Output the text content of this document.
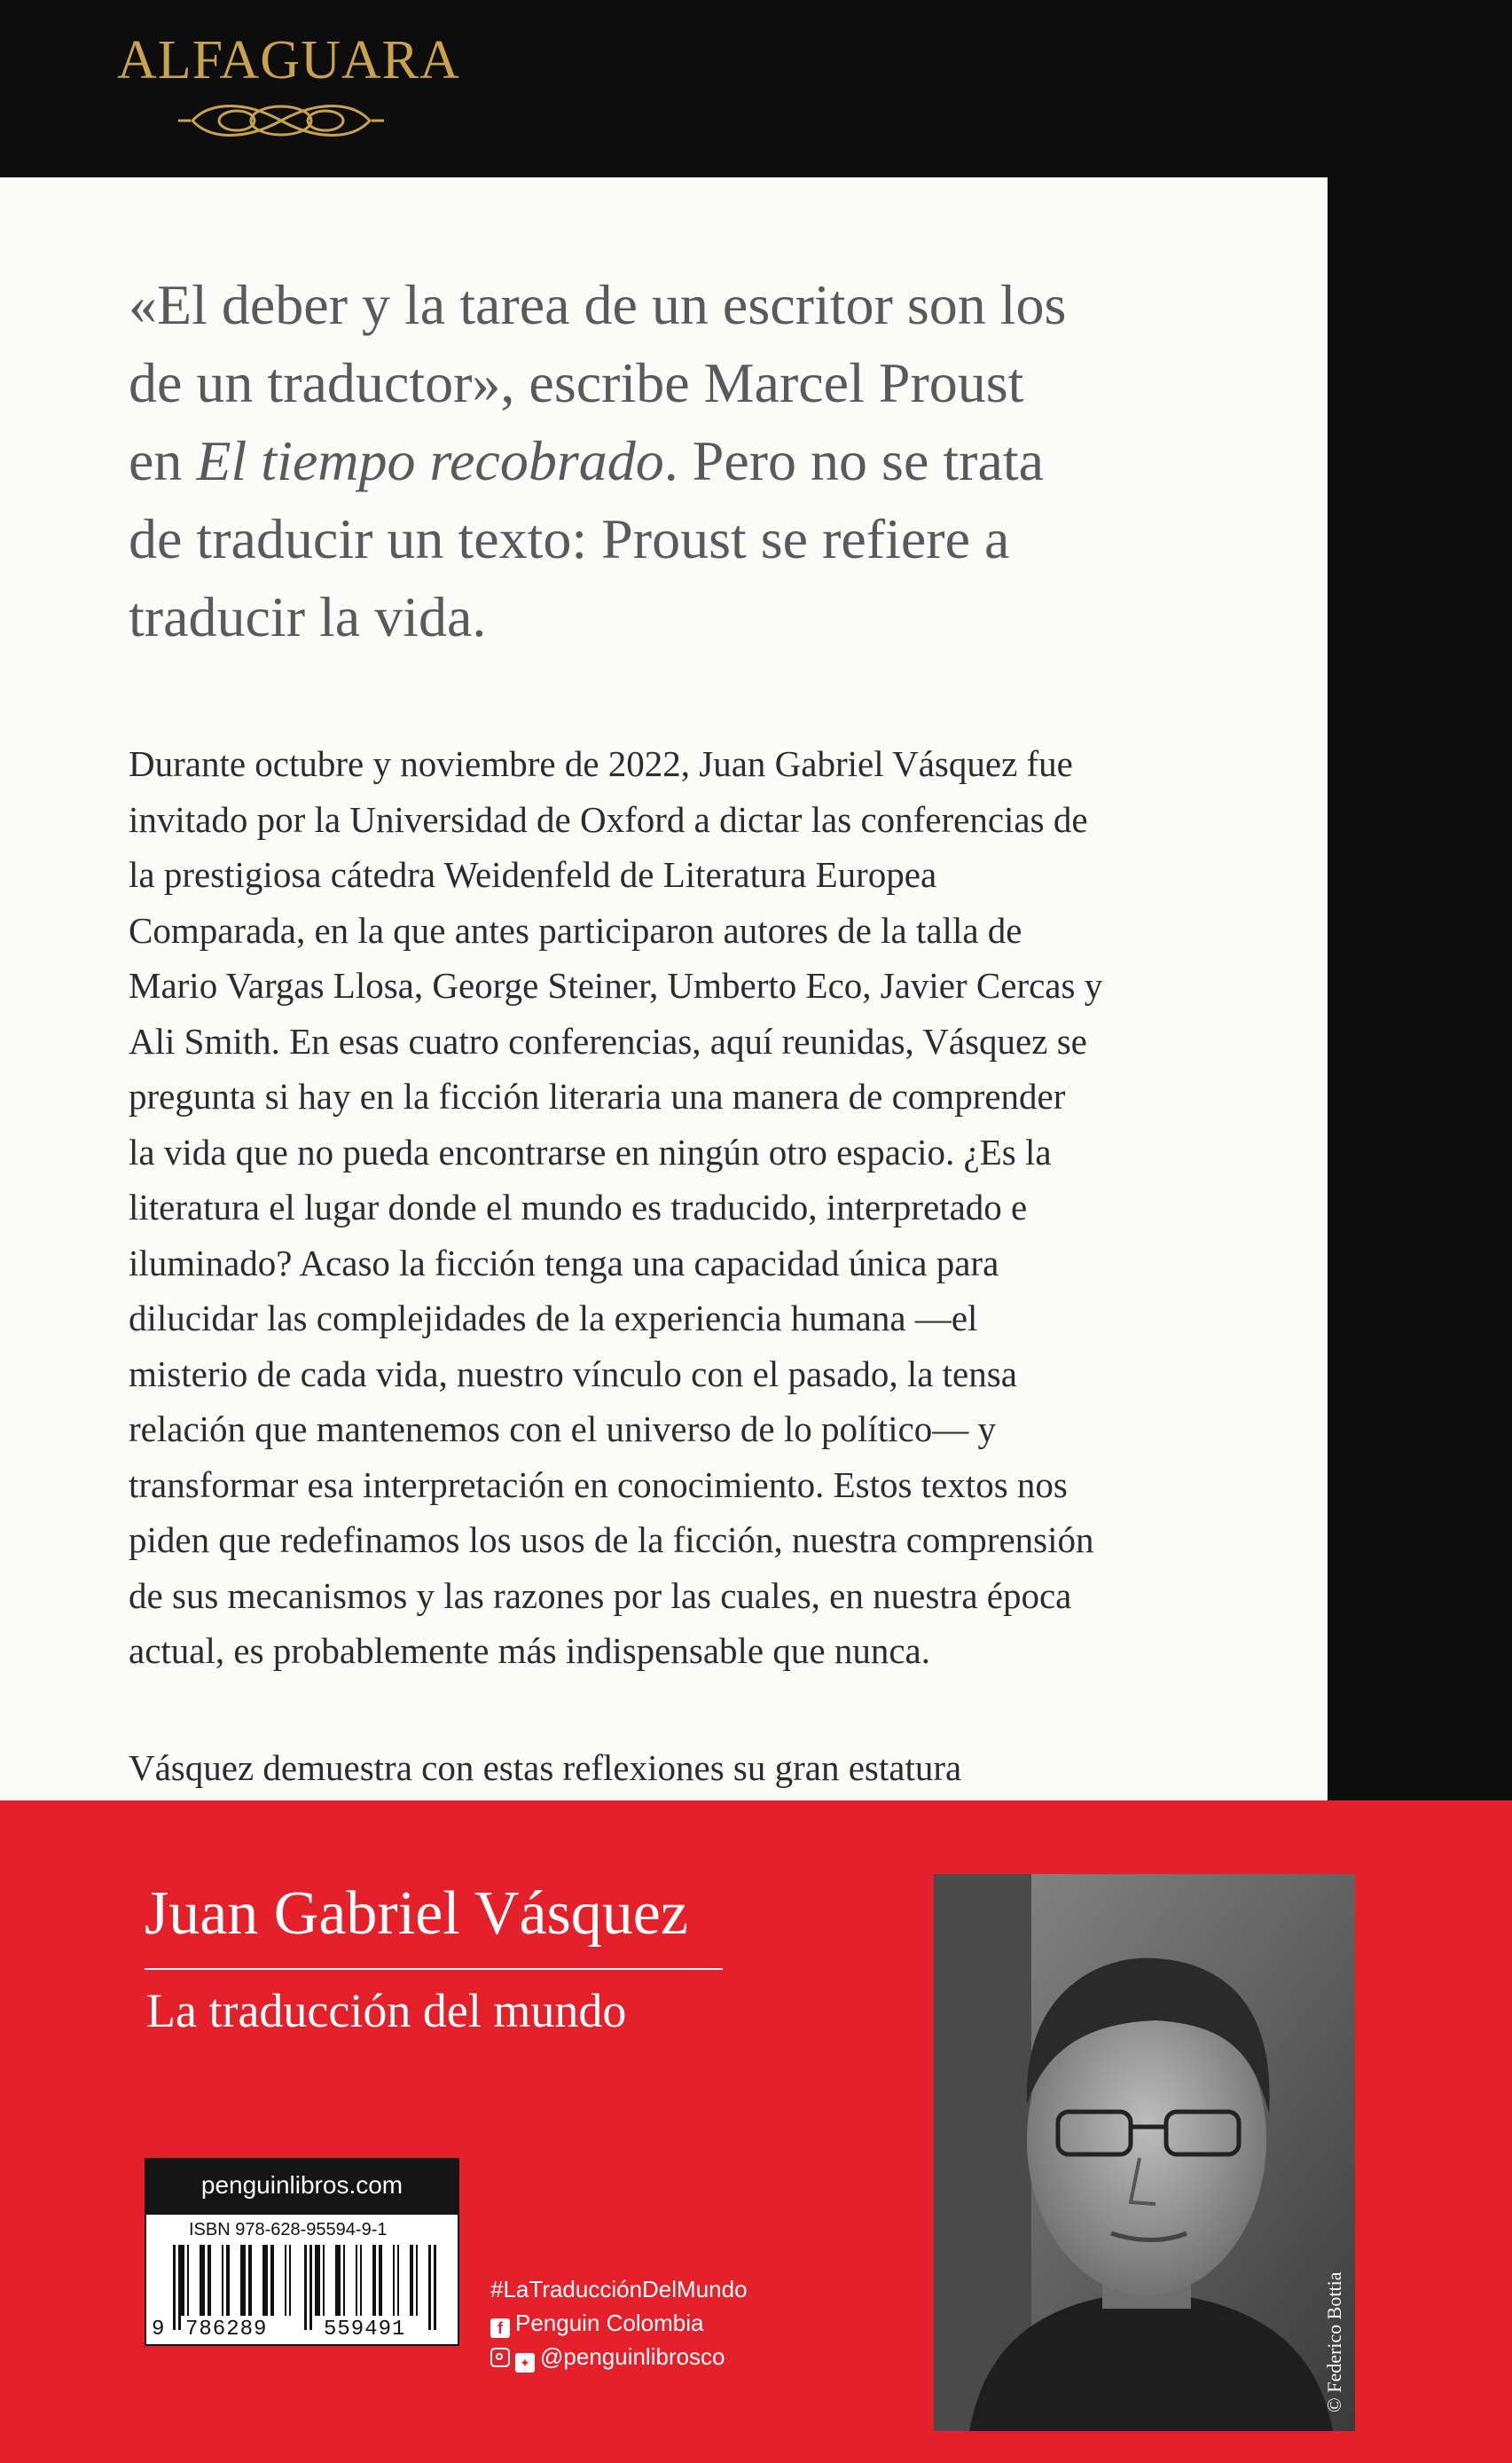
ALFAGUARA

«El deber y la tarea de un escritor son los
de un traductor», escribe Marcel Proust
en El tiempo recobrado. Pero no se trata
de traducir un texto: Proust se refiere a
traducir la vida.

Durante octubre y noviembre de 2022, Juan Gabriel Vásquez fue
invitado por la Universidad de Oxford a dictar las conferencias de
la prestigiosa cátedra Weidenfeld de Literatura Europea
Comparada, en la que antes participaron autores de la talla de
Mario Vargas Llosa, George Steiner, Umberto Eco, Javier Cercas y
Ali Smith. En esas cuatro conferencias, aquí reunidas, Vásquez se
pregunta si hay en la ficción literaria una manera de comprender
la vida que no pueda encontrarse en ningún otro espacio. ¿Es la
literatura el lugar donde el mundo es traducido, interpretado e
iluminado? Acaso la ficción tenga una capacidad única para
dilucidar las complejidades de la experiencia humana —el
misterio de cada vida, nuestro vínculo con el pasado, la tensa
relación que mantenemos con el universo de lo político— y
transformar esa interpretación en conocimiento. Estos textos nos
piden que redefinamos los usos de la ficción, nuestra comprensión
de sus mecanismos y las razones por las cuales, en nuestra época
actual, es probablemente más indispensable que nunca.

Vásquez demuestra con estas reflexiones su gran estatura

Juan Gabriel Vásquez

La traducción del mundo

penguinlibros.com

ISBN 978-628-95594-9-1

9 786289	559491

#LaTraducciónDelMundo

f Penguin Colombia

✦ @penguinlibrosco	© Federico Bottia
